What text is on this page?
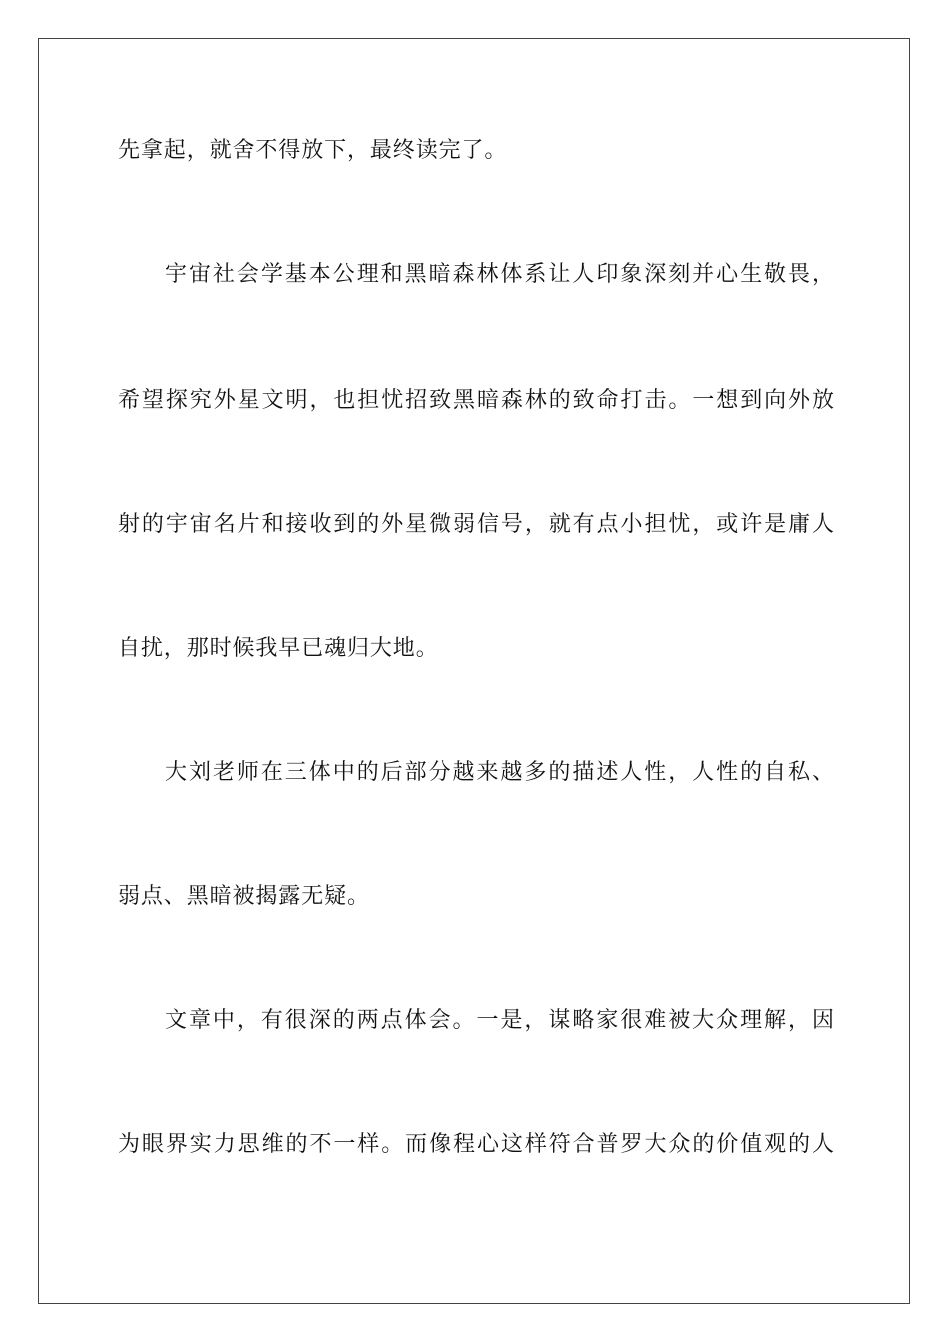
先拿起，就舍不得放下，最终读完了。
宇宙社会学基本公理和黑暗森林体系让人印象深刻并心生敬畏，
希望探究外星文明，也担忧招致黑暗森林的致命打击。一想到向外放
射的宇宙名片和接收到的外星微弱信号，就有点小担忧，或许是庸人
自扰，那时候我早已魂归大地。
大刘老师在三体中的后部分越来越多的描述人性，人性的自私、
弱点、黑暗被揭露无疑。
文章中，有很深的两点体会。一是，谋略家很难被大众理解，因
为眼界实力思维的不一样。而像程心这样符合普罗大众的价值观的人
